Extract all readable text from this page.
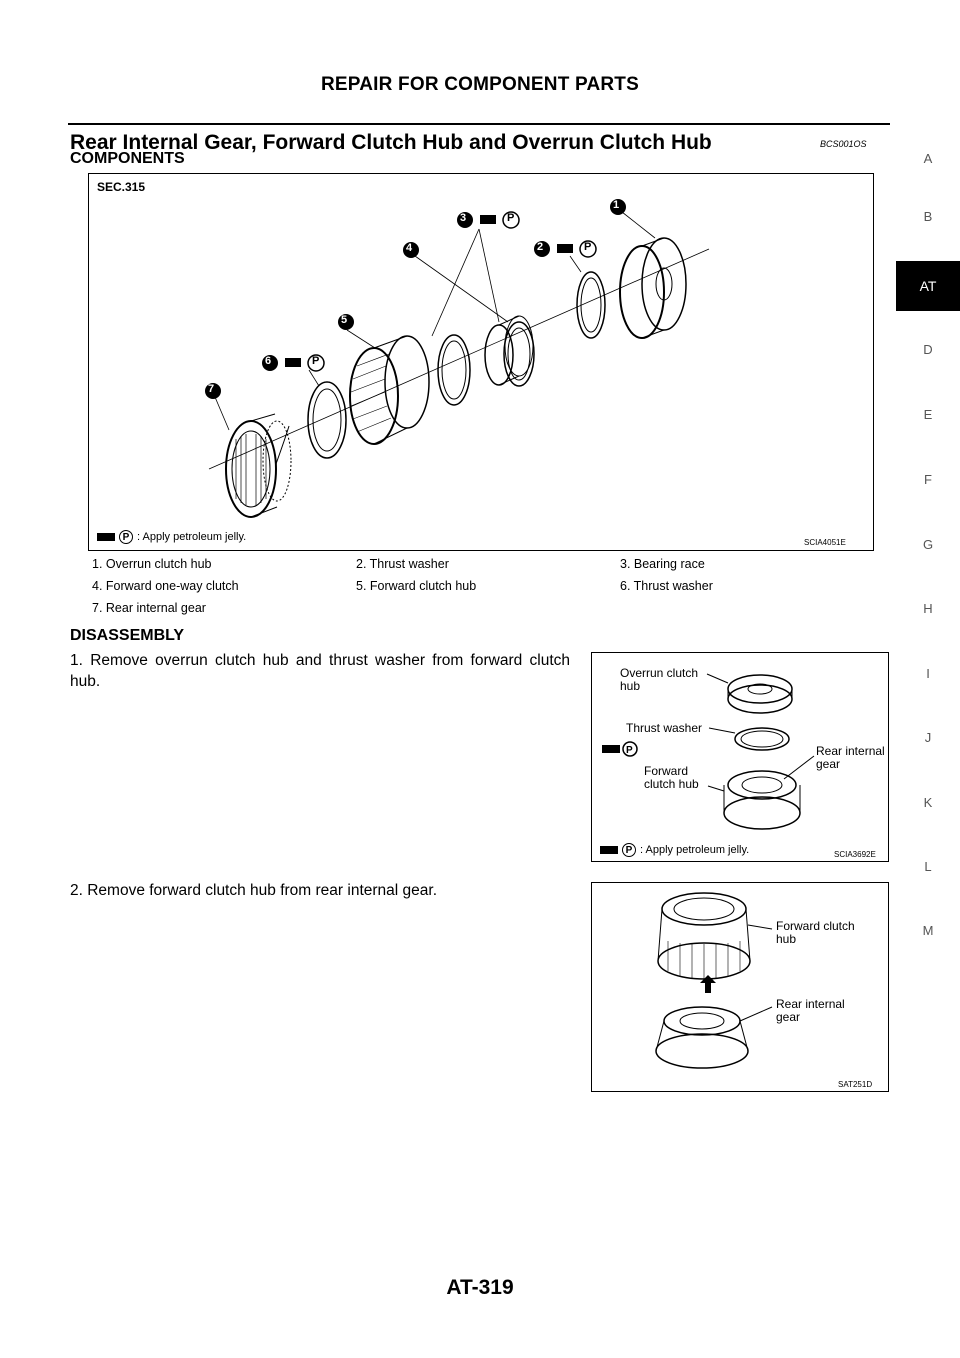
REPAIR FOR COMPONENT PARTS
Rear Internal Gear, Forward Clutch Hub and Overrun Clutch Hub	BCS001OS
COMPONENTS
SEC.315
1
2
3
4
5
6
7
P
P
P
P : Apply petroleum jelly.	SCIA4051E
1. Overrun clutch hub	2. Thrust washer	3. Bearing race
4. Forward one-way clutch	5. Forward clutch hub	6. Thrust washer
7. Rear internal gear
DISASSEMBLY
1. Remove overrun clutch hub and thrust washer from forward clutch hub.
2. Remove forward clutch hub from rear internal gear.
P
Overrun clutch
hub
Thrust washer
Forward
clutch hub
Rear internal
gear
P : Apply petroleum jelly.	SCIA3692E
Forward clutch
hub
Rear internal
gear
SAT251D
A
B
AT
D
E
F
G
H
I
J
K
L
M
AT-319
